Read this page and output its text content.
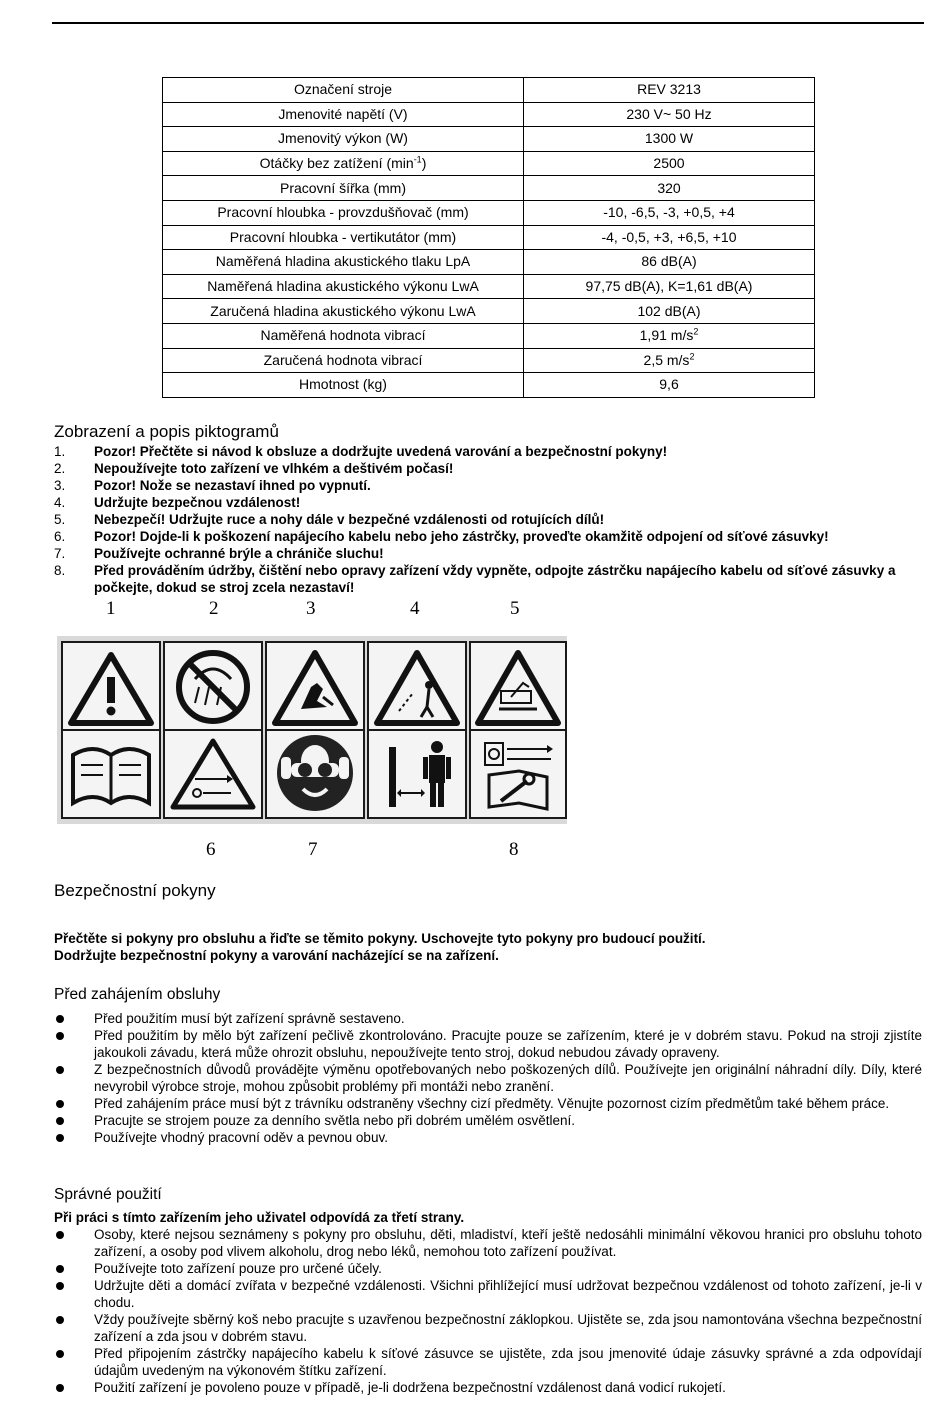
Označení stroje	REV 3213
Jmenovité napětí (V)	230 V~ 50 Hz
Jmenovitý výkon (W)	1300 W
Otáčky bez zatížení $(\min^{-1})$	2500
Pracovní šířka (mm)	320
Pracovní hloubka - provzdušňovač (mm)	-10, -6,5, -3, +0,5, +4
Pracovní hloubka - vertikutátor (mm)	-4, -0,5, +3, +6,5, +10
Naměřená hladina akustického tlaku LpA	86 dB(A)
Naměřená hladina akustického výkonu LwA	97,75 dB(A), K=1,61 dB(A)
Zaručená hladina akustického výkonu LwA	102 dB(A)
Naměřená hodnota vibrací	1,91 $m/s^2$
Zaručená hodnota vibrací	2,5 $m/s^2$
Hmotnost (kg)	9,6
Zobrazení a popis piktogramů
1. Pozor! Přečtěte si návod k obsluze a dodržujte uvedená varování a bezpečnostní pokyny!
2. Nepoužívejte toto zařízení ve vlhkém a deštivém počasí!
3. Pozor! Nože se nezastaví ihned po vypnutí.
4. Udržujte bezpečnou vzdálenost!
5. Nebezpečí! Udržujte ruce a nohy dále v bezpečné vzdálenosti od rotujících dílů!
6. Pozor! Dojde-li k poškození napájecího kabelu nebo jeho zástrčky, proveďte okamžitě odpojení od síťové zásuvky!
7. Používejte ochranné brýle a chrániče sluchu!
8. Před prováděním údržby, čištění nebo opravy zařízení vždy vypněte, odpojte zástrčku napájecího kabelu od síťové zásuvky a počkejte, dokud se stroj zcela nezastaví!
1	2	3	4	5
6	7	8
Bezpečnostní pokyny
Přečtěte si pokyny pro obsluhu a řiďte se těmito pokyny. Uschovejte tyto pokyny pro budoucí použití.
Dodržujte bezpečnostní pokyny a varování nacházející se na zařízení.
Před zahájením obsluhy
Před použitím musí být zařízení správně sestaveno.
Před použitím by mělo být zařízení pečlivě zkontrolováno. Pracujte pouze se zařízením, které je v dobrém stavu. Pokud na stroji zjistíte jakoukoli závadu, která může ohrozit obsluhu, nepoužívejte tento stroj, dokud nebudou závady opraveny.
Z bezpečnostních důvodů provádějte výměnu opotřebovaných nebo poškozených dílů. Používejte jen originální náhradní díly. Díly, které nevyrobil výrobce stroje, mohou způsobit problémy při montáži nebo zranění.
Před zahájením práce musí být z trávníku odstraněny všechny cizí předměty. Věnujte pozornost cizím předmětům také během práce.
Pracujte se strojem pouze za denního světla nebo při dobrém umělém osvětlení.
Používejte vhodný pracovní oděv a pevnou obuv.
Správné použití
Při práci s tímto zařízením jeho uživatel odpovídá za třetí strany.
Osoby, které nejsou seznámeny s pokyny pro obsluhu, děti, mladiství, kteří ještě nedosáhli minimální věkovou hranici pro obsluhu tohoto zařízení, a osoby pod vlivem alkoholu, drog nebo léků, nemohou toto zařízení používat.
Používejte toto zařízení pouze pro určené účely.
Udržujte děti a domácí zvířata v bezpečné vzdálenosti. Všichni přihlížející musí udržovat bezpečnou vzdálenost od tohoto zařízení, je-li v chodu.
Vždy používejte sběrný koš nebo pracujte s uzavřenou bezpečnostní záklopkou. Ujistěte se, zda jsou namontována všechna bezpečnostní zařízení a zda jsou v dobrém stavu.
Před připojením zástrčky napájecího kabelu k síťové zásuvce se ujistěte, zda jsou jmenovité údaje zásuvky správné a zda odpovídají údajům uvedeným na výkonovém štítku zařízení.
Použití zařízení je povoleno pouze v případě, je-li dodržena bezpečnostní vzdálenost daná vodicí rukojetí.
